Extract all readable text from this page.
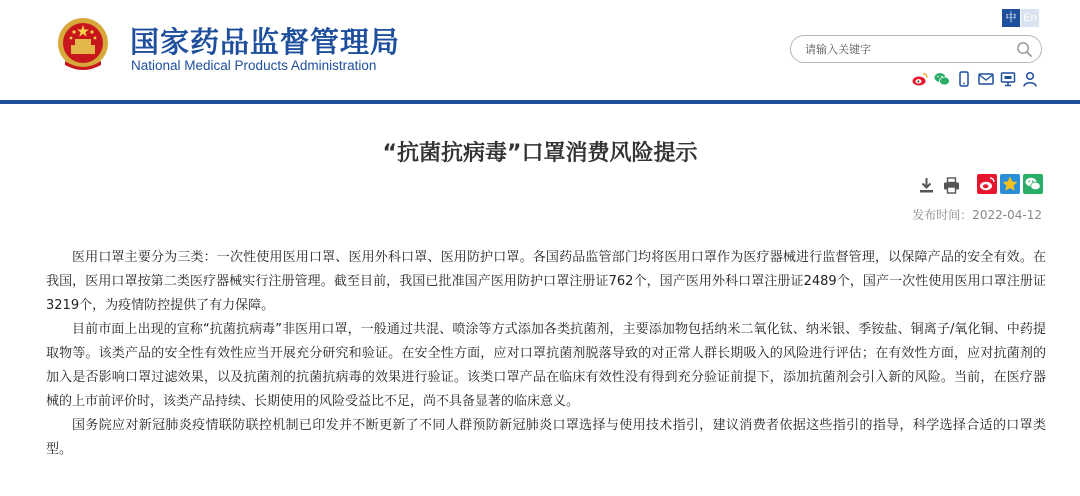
国家药品监督管理局
National Medical Products Administration
中 En
请输入关键字
“抗菌抗病毒”口罩消费风险提示
发布时间：2022-04-12

医用口罩主要分为三类：一次性使用医用口罩、医用外科口罩、医用防护口罩。各国药品监管部门均将医用口罩作为医疗器械进行监督管理，以保障产品的安全有效。在我国，医用口罩按第二类医疗器械实行注册管理。截至目前，我国已批准国产医用防护口罩注册证762个，国产医用外科口罩注册证2489个，国产一次性使用医用口罩注册证3219个，为疫情防控提供了有力保障。

目前市面上出现的宣称“抗菌抗病毒”非医用口罩，一般通过共混、喷涂等方式添加各类抗菌剂，主要添加物包括纳米二氧化钛、纳米银、季铵盐、铜离子/氧化铜、中药提取物等。该类产品的安全性有效性应当开展充分研究和验证。在安全性方面，应对口罩抗菌剂脱落导致的对正常人群长期吸入的风险进行评估；在有效性方面，应对抗菌剂的加入是否影响口罩过滤效果，以及抗菌剂的抗菌抗病毒的效果进行验证。该类口罩产品在临床有效性没有得到充分验证前提下，添加抗菌剂会引入新的风险。当前，在医疗器械的上市前评价时，该类产品持续、长期使用的风险受益比不足，尚不具备显著的临床意义。

国务院应对新冠肺炎疫情联防联控机制已印发并不断更新了不同人群预防新冠肺炎口罩选择与使用技术指引，建议消费者依据这些指引的指导，科学选择合适的口罩类型。
